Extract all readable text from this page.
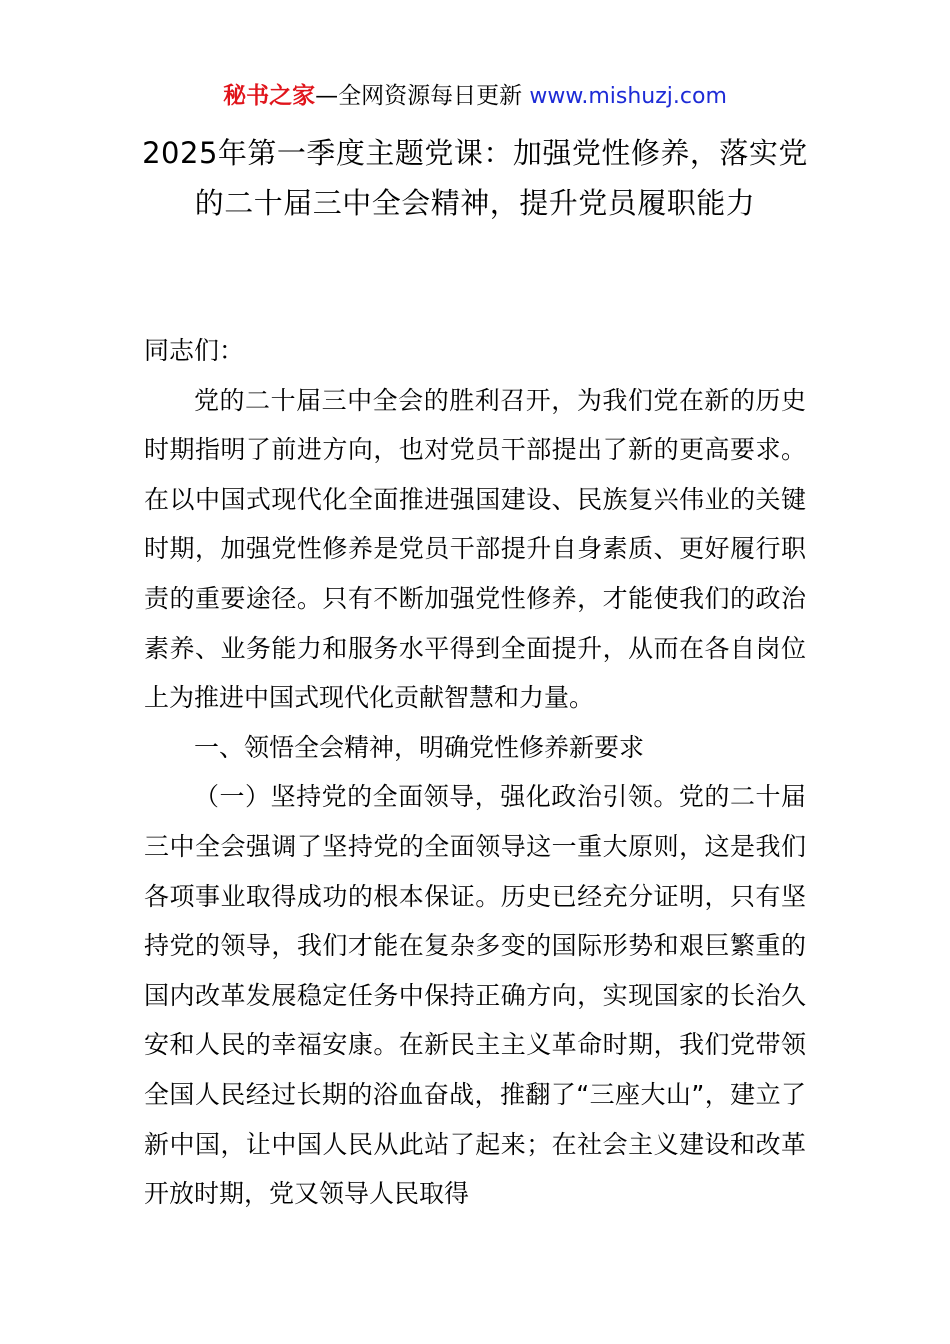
秘书之家—全网资源每日更新 www.mishuzj.com
2025年第一季度主题党课：加强党性修养，落实党的二十届三中全会精神，提升党员履职能力

同志们：

党的二十届三中全会的胜利召开，为我们党在新的历史时期指明了前进方向，也对党员干部提出了新的更高要求。在以中国式现代化全面推进强国建设、民族复兴伟业的关键时期，加强党性修养是党员干部提升自身素质、更好履行职责的重要途径。只有不断加强党性修养，才能使我们的政治素养、业务能力和服务水平得到全面提升，从而在各自岗位上为推进中国式现代化贡献智慧和力量。

一、领悟全会精神，明确党性修养新要求

（一）坚持党的全面领导，强化政治引领。党的二十届三中全会强调了坚持党的全面领导这一重大原则，这是我们各项事业取得成功的根本保证。历史已经充分证明，只有坚持党的领导，我们才能在复杂多变的国际形势和艰巨繁重的国内改革发展稳定任务中保持正确方向，实现国家的长治久安和人民的幸福安康。在新民主主义革命时期，我们党带领全国人民经过长期的浴血奋战，推翻了“三座大山”，建立了新中国，让中国人民从此站了起来；在社会主义建设和改革开放时期，党又领导人民取得
